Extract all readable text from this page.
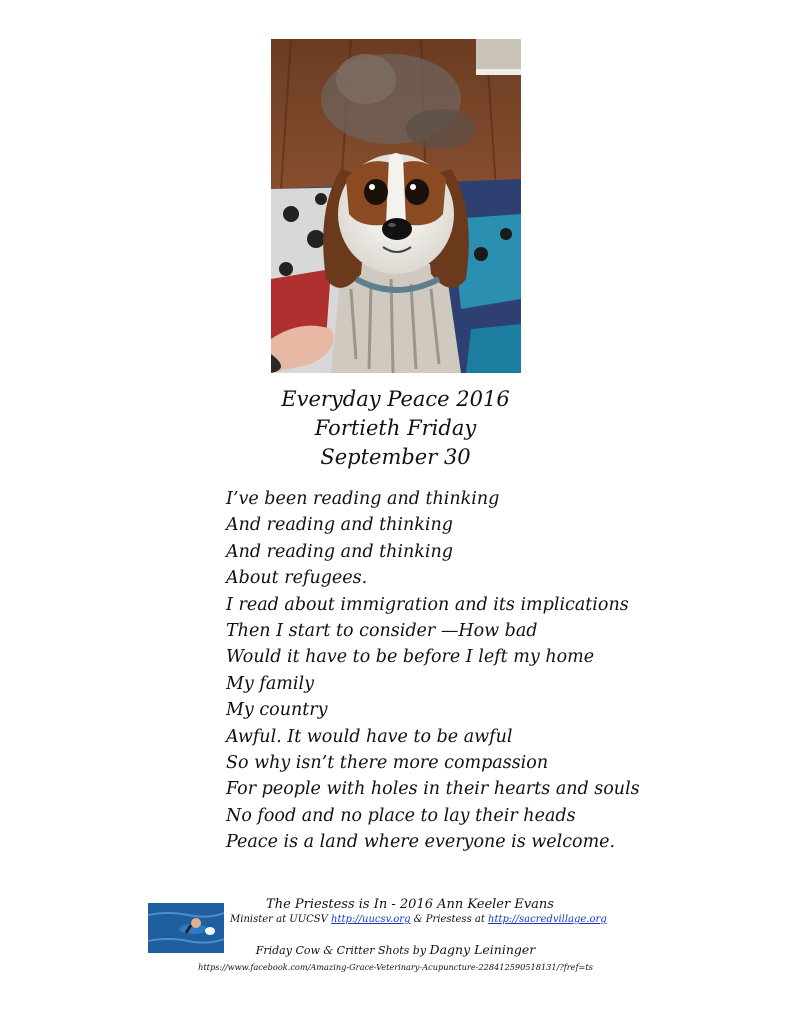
Everyday Peace 2016
Fortieth Friday
September 30
I’ve been reading and thinking
And reading and thinking
And reading and thinking
About refugees.
I read about immigration and its implications
Then I start to consider —How bad
Would it have to be before I left my home
My family
My country
Awful. It would have to be awful
So why isn’t there more compassion
For people with holes in their hearts and souls
No food and no place to lay their heads
Peace is a land where everyone is welcome.
The Priestess is In - 2016 Ann Keeler Evans
Minister at UUCSV http://uucsv.org & Priestess at http://sacredvillage.org
Friday Cow & Critter Shots by Dagny Leininger
https://www.facebook.com/Amazing-Grace-Veterinary-Acupuncture-228412590518131/?fref=ts
